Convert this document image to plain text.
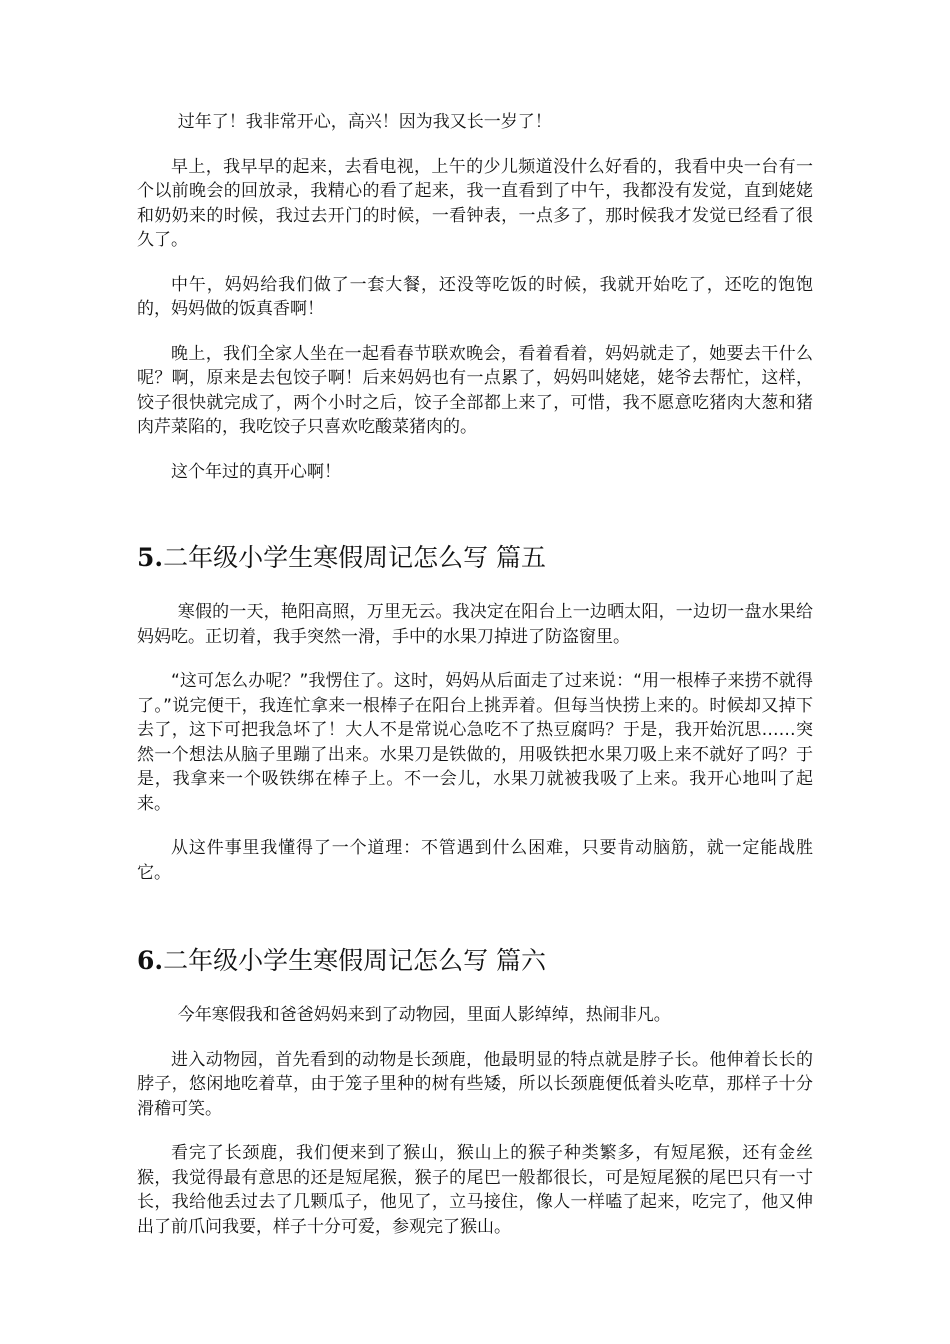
过年了！我非常开心，高兴！因为我又长一岁了！

早上，我早早的起来，去看电视，上午的少儿频道没什么好看的，我看中央一台有一个以前晚会的回放录，我精心的看了起来，我一直看到了中午，我都没有发觉，直到姥姥和奶奶来的时候，我过去开门的时候，一看钟表，一点多了，那时候我才发觉已经看了很久了。

中午，妈妈给我们做了一套大餐，还没等吃饭的时候，我就开始吃了，还吃的饱饱的，妈妈做的饭真香啊！

晚上，我们全家人坐在一起看春节联欢晚会，看着看着，妈妈就走了，她要去干什么呢？啊，原来是去包饺子啊！后来妈妈也有一点累了，妈妈叫姥姥，姥爷去帮忙，这样，饺子很快就完成了，两个小时之后，饺子全部都上来了，可惜，我不愿意吃猪肉大葱和猪肉芹菜陷的，我吃饺子只喜欢吃酸菜猪肉的。

这个年过的真开心啊！

5.二年级小学生寒假周记怎么写 篇五

寒假的一天，艳阳高照，万里无云。我决定在阳台上一边晒太阳，一边切一盘水果给妈妈吃。正切着，我手突然一滑，手中的水果刀掉进了防盗窗里。

“这可怎么办呢？”我愣住了。这时，妈妈从后面走了过来说：“用一根棒子来捞不就得了。”说完便干，我连忙拿来一根棒子在阳台上挑弄着。但每当快捞上来的。时候却又掉下去了，这下可把我急坏了！大人不是常说心急吃不了热豆腐吗？于是，我开始沉思……突然一个想法从脑子里蹦了出来。水果刀是铁做的，用吸铁把水果刀吸上来不就好了吗？于是，我拿来一个吸铁绑在棒子上。不一会儿，水果刀就被我吸了上来。我开心地叫了起来。

从这件事里我懂得了一个道理：不管遇到什么困难，只要肯动脑筋，就一定能战胜它。

6.二年级小学生寒假周记怎么写 篇六

今年寒假我和爸爸妈妈来到了动物园，里面人影绰绰，热闹非凡。

进入动物园，首先看到的动物是长颈鹿，他最明显的特点就是脖子长。他伸着长长的脖子，悠闲地吃着草，由于笼子里种的树有些矮，所以长颈鹿便低着头吃草，那样子十分滑稽可笑。

看完了长颈鹿，我们便来到了猴山，猴山上的猴子种类繁多，有短尾猴，还有金丝猴，我觉得最有意思的还是短尾猴，猴子的尾巴一般都很长，可是短尾猴的尾巴只有一寸长，我给他丢过去了几颗瓜子，他见了，立马接住，像人一样嗑了起来，吃完了，他又伸出了前爪问我要，样子十分可爱，参观完了猴山。
